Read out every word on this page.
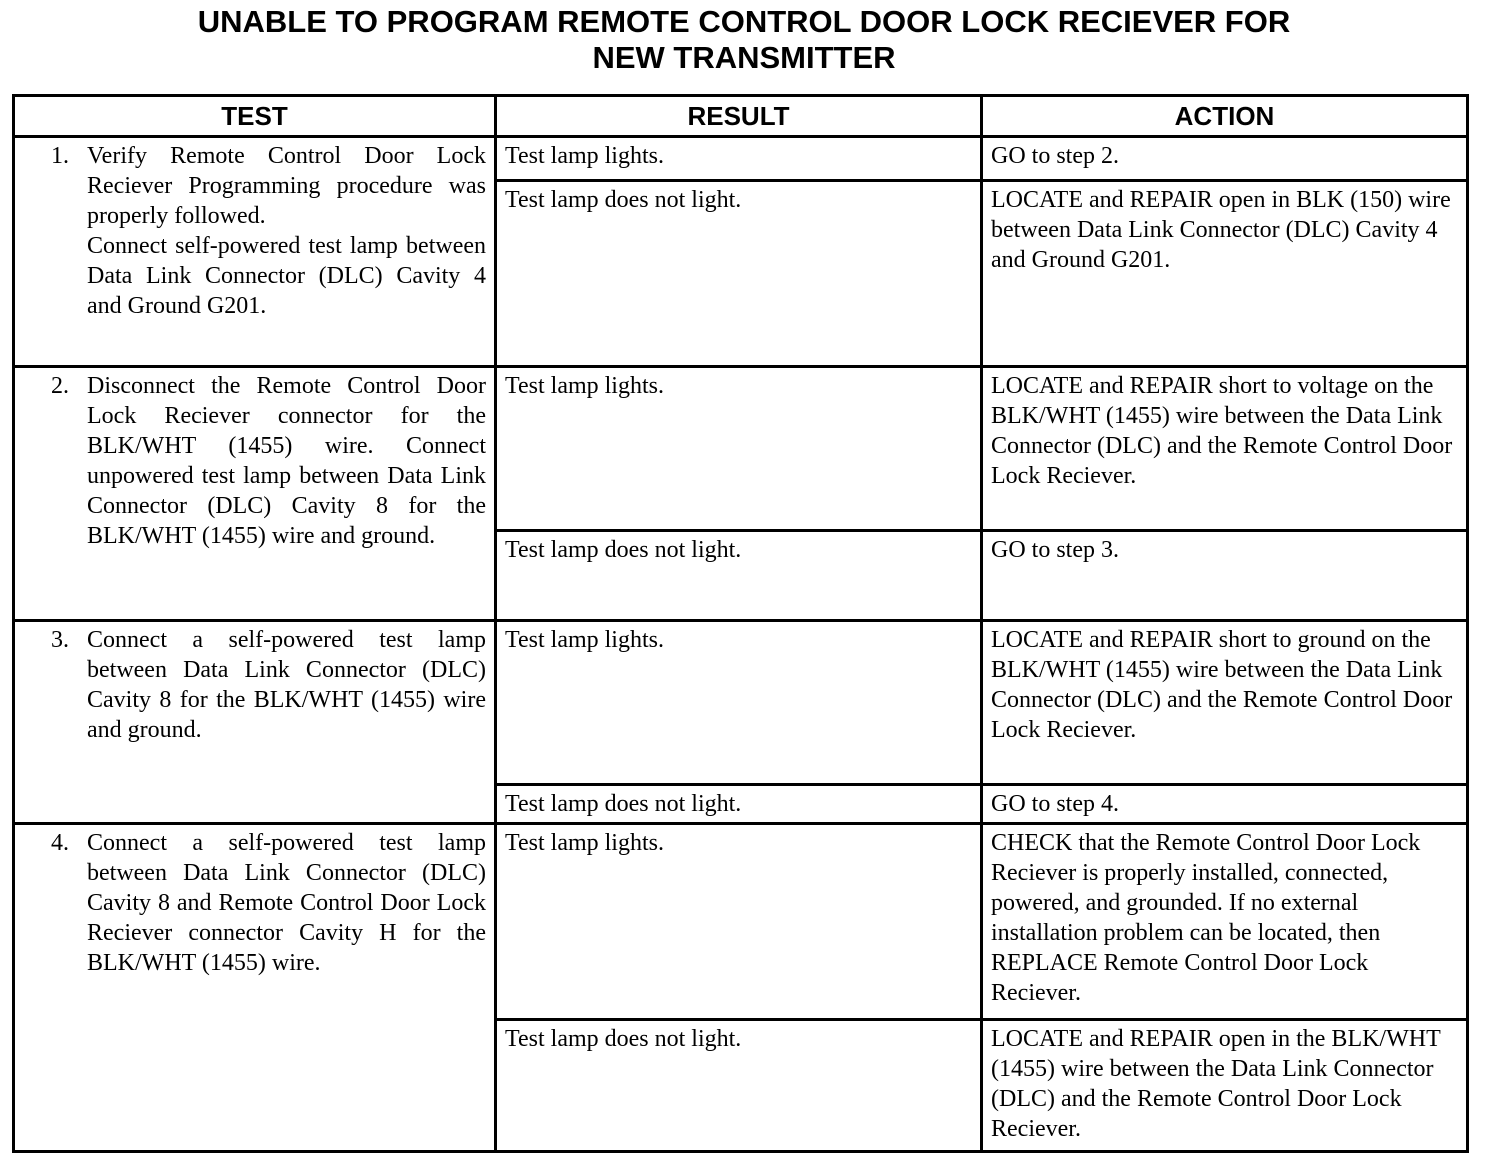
UNABLE TO PROGRAM REMOTE CONTROL DOOR LOCK RECIEVER FOR
NEW TRANSMITTER
TEST	RESULT	ACTION

1. Verify Remote Control Door Lock Reciever Programming procedure was properly followed.
Connect self-powered test lamp between Data Link Connector (DLC) Cavity 4 and Ground G201.	Test lamp lights.	GO to step 2.
	Test lamp does not light.	LOCATE and REPAIR open in BLK (150) wire between Data Link Connector (DLC) Cavity 4 and Ground G201.

2. Disconnect the Remote Control Door Lock Reciever connector for the BLK/WHT (1455) wire. Connect unpowered test lamp between Data Link Connector (DLC) Cavity 8 for the BLK/WHT (1455) wire and ground.	Test lamp lights.	LOCATE and REPAIR short to voltage on the BLK/WHT (1455) wire between the Data Link Connector (DLC) and the Remote Control Door Lock Reciever.
	Test lamp does not light.	GO to step 3.

3. Connect a self-powered test lamp between Data Link Connector (DLC) Cavity 8 for the BLK/WHT (1455) wire and ground.	Test lamp lights.	LOCATE and REPAIR short to ground on the BLK/WHT (1455) wire between the Data Link Connector (DLC) and the Remote Control Door Lock Reciever.
	Test lamp does not light.	GO to step 4.

4. Connect a self-powered test lamp between Data Link Connector (DLC) Cavity 8 and Remote Control Door Lock Reciever connector Cavity H for the BLK/WHT (1455) wire.	Test lamp lights.	CHECK that the Remote Control Door Lock Reciever is properly installed, connected, powered, and grounded. If no external installation problem can be located, then REPLACE Remote Control Door Lock Reciever.
	Test lamp does not light.	LOCATE and REPAIR open in the BLK/WHT (1455) wire between the Data Link Connector (DLC) and the Remote Control Door Lock Reciever.
